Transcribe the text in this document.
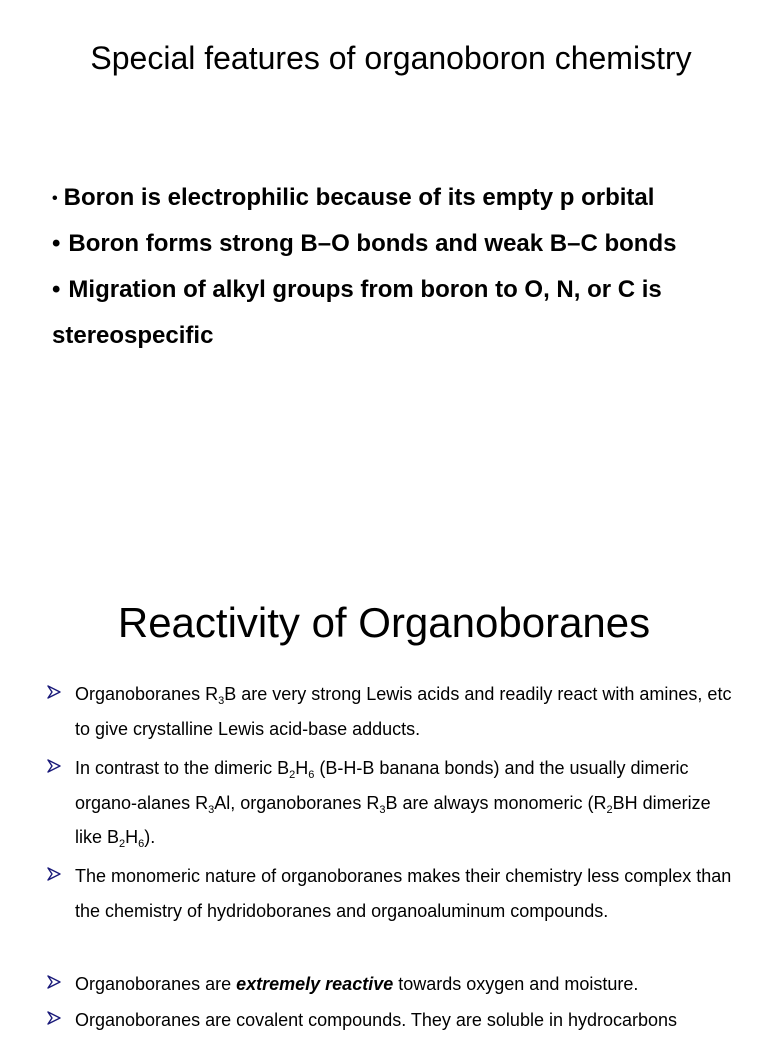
Special features of organoboron chemistry
• Boron is electrophilic because of its empty p orbital
• Boron forms strong B–O bonds and weak B–C bonds
• Migration of alkyl groups from boron to O, N, or C is
stereospecific
Reactivity of Organoboranes
Organoboranes $R_3B$ are very strong Lewis acids and readily react with amines, etc to give crystalline Lewis acid-base adducts.
In contrast to the dimeric $B_2H_6$ (B-H-B banana bonds) and the usually dimeric organo-alanes $R_3Al$, organoboranes $R_3B$ are always monomeric ($R_2BH$ dimerize like $B_2H_6$).
The monomeric nature of organoboranes makes their chemistry less complex than the chemistry of hydridoboranes and organoaluminum compounds.
Organoboranes are extremely reactive towards oxygen and moisture.
Organoboranes are covalent compounds. They are soluble in hydrocarbons
